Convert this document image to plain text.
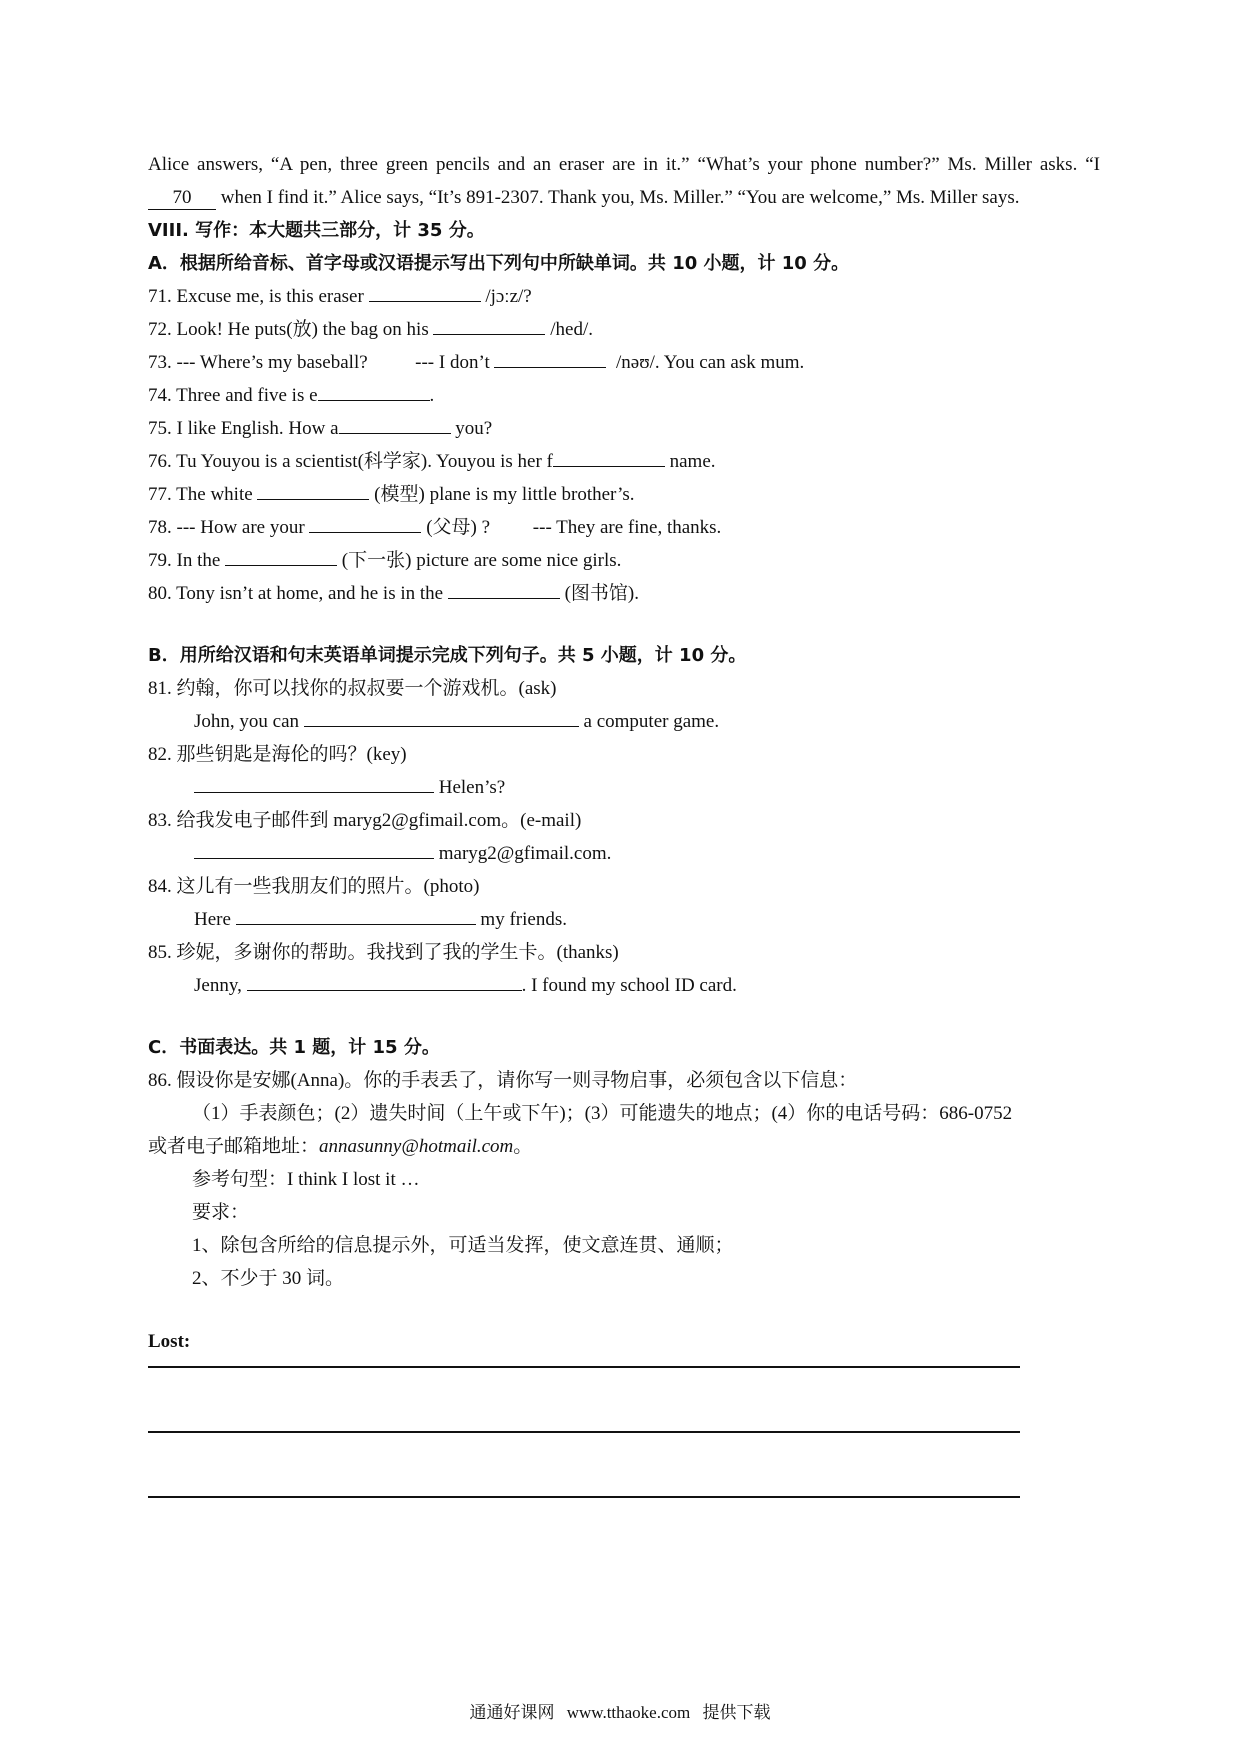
Alice answers, “A pen, three green pencils and an eraser are in it.” “What’s your phone number?” Ms. Miller asks. “I 70 when I find it.” Alice says, “It’s 891-2307. Thank you, Ms. Miller.” “You are welcome,” Ms. Miller says.

VIII. 写作：本大题共三部分，计 35 分。
A．根据所给音标、首字母或汉语提示写出下列句中所缺单词。共 10 小题，计 10 分。
71. Excuse me, is this eraser	/jɔːz/?
72. Look! He puts(放) the bag on his	/hed/.
73. --- Where’s my baseball?          --- I don’t	/nəʊ/. You can ask mum.
74. Three and five is e	.
75. I like English. How a	you?
76. Tu Youyou is a scientist(科学家). Youyou is her f	name.
77. The white	(模型) plane is my little brother’s.
78. --- How are your	(父母) ?         --- They are fine, thanks.
79. In the	(下一张) picture are some nice girls.
80. Tony isn’t at home, and he is in the	(图书馆).
B．用所给汉语和句末英语单词提示完成下列句子。共 5 小题，计 10 分。
81. 约翰，你可以找你的叔叔要一个游戏机。(ask)
John, you can	a computer game.
82. 那些钥匙是海伦的吗？(key)
Helen’s?
83. 给我发电子邮件到 maryg2@gfimail.com。(e-mail)
maryg2@gfimail.com.
84. 这儿有一些我朋友们的照片。(photo)
Here	my friends.
85. 珍妮，多谢你的帮助。我找到了我的学生卡。(thanks)
Jenny,	. I found my school ID card.
C．书面表达。共 1 题，计 15 分。
86. 假设你是安娜(Anna)。你的手表丢了，请你写一则寻物启事，必须包含以下信息：
（1）手表颜色；(2）遗失时间（上午或下午)；(3）可能遗失的地点；(4）你的电话号码：686-0752
或者电子邮箱地址：annasunny@hotmail.com。
参考句型：I think I lost it …
要求：
1、除包含所给的信息提示外，可适当发挥，使文意连贯、通顺；
2、不少于 30 词。
Lost:
通通好课网 www.tthaoke.com 提供下载
